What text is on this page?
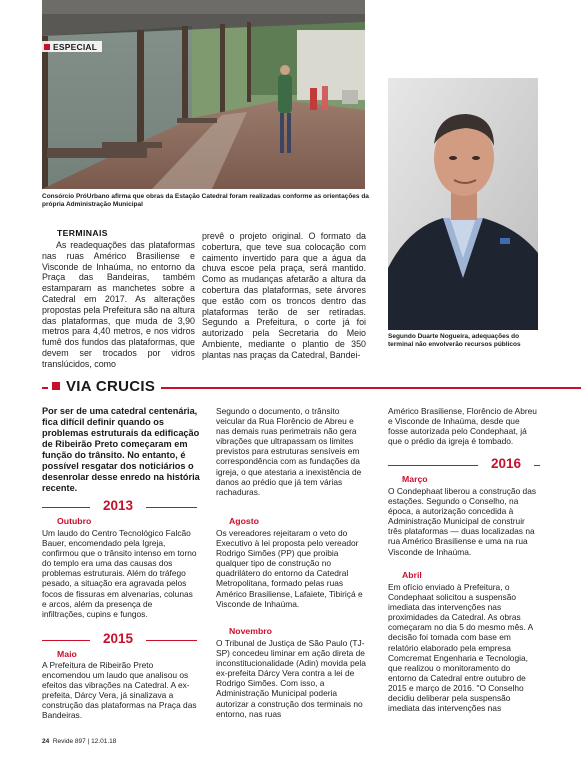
ESPECIAL
Consórcio PróUrbano afirma que obras da Estação Catedral foram realizadas conforme as orientações da própria Administração Municipal
Segundo Duarte Nogueira, adequações do terminal não envolverão recursos públicos
TERMINAIS
As readequações das plataformas nas ruas Américo Brasiliense e Visconde de Inhaúma, no entorno da Praça das Bandeiras, também estamparam as manchetes sobre a Catedral em 2017. As alterações propostas pela Prefeitura são na altura das plataformas, que muda de 3,90 metros para 4,40 metros, e nos vidros fumê dos fundos das plataformas, que devem ser trocados por vidros translúcidos, como
prevê o projeto original. O formato da cobertura, que teve sua colocação com caimento invertido para que a água da chuva escoe pela praça, será mantido. Como as mudanças afetarão a altura da cobertura das plataformas, sete árvores que estão com os troncos dentro das plataformas terão de ser retiradas. Segundo a Prefeitura, o corte já foi autorizado pela Secretaria do Meio Ambiente, mediante o plantio de 350 plantas nas praças da Catedral, Bandei-
VIA CRUCIS
Por ser de uma catedral centenária, fica difícil definir quando os problemas estruturais da edificação de Ribeirão Preto começaram em função do trânsito. No entanto, é possível resgatar dos noticiários o desenrolar desse enredo na história recente.
2013
Outubro
Um laudo do Centro Tecnológico Falcão Bauer, encomendado pela Igreja, confirmou que o trânsito intenso em torno do templo era uma das causas dos problemas estruturais. Além do tráfego pesado, a situação era agravada pelos focos de fissuras em alvenarias, colunas e arcos, além da presença de infiltrações, cupins e fungos.
2015
Maio
A Prefeitura de Ribeirão Preto encomendou um laudo que analisou os efeitos das vibrações na Catedral. A ex-prefeita, Dárcy Vera, já sinalizava a construção das plataformas na Praça das Bandeiras.
Segundo o documento, o trânsito veicular da Rua Florêncio de Abreu e nas demais ruas perimetrais não gera vibrações que ultrapassam os limites previstos para estruturas sensíveis em correspondência com as fundações da igreja, o que atestaria a inexistência de danos ao prédio que já tem várias rachaduras.
Agosto
Os vereadores rejeitaram o veto do Executivo à lei proposta pelo vereador Rodrigo Simões (PP) que proibia qualquer tipo de construção no quadrilátero do entorno da Catedral Metropolitana, formado pelas ruas Américo Brasiliense, Lafaiete, Tibiriçá e Visconde de Inhaúma.
Novembro
O Tribunal de Justiça de São Paulo (TJ-SP) concedeu liminar em ação direta de inconstitucionalidade (Adin) movida pela ex-prefeita Dárcy Vera contra a lei de Rodrigo Simões. Com isso, a Administração Municipal poderia autorizar a construção dos terminais no entorno, nas ruas
Américo Brasiliense, Florêncio de Abreu e Visconde de Inhaúma, desde que fosse autorizada pelo Condephaat, já que o prédio da igreja é tombado.
2016
Março
O Condephaat liberou a construção das estações. Segundo o Conselho, na época, a autorização concedida à Administração Municipal de construir três plataformas — duas localizadas na rua Américo Brasiliense e uma na rua Visconde de Inhaúma.
Abril
Em ofício enviado à Prefeitura, o Condephaat solicitou a suspensão imediata das intervenções nas proximidades da Catedral. As obras começaram no dia 5 do mesmo mês. A decisão foi tomada com base em relatório elaborado pela empresa Comcremat Engenharia e Tecnologia, que realizou o monitoramento do entorno da Catedral entre outubro de 2015 e março de 2016. "O Conselho decidiu deliberar pela suspensão imediata das intervenções nas
24 Revide 897 | 12.01.18
